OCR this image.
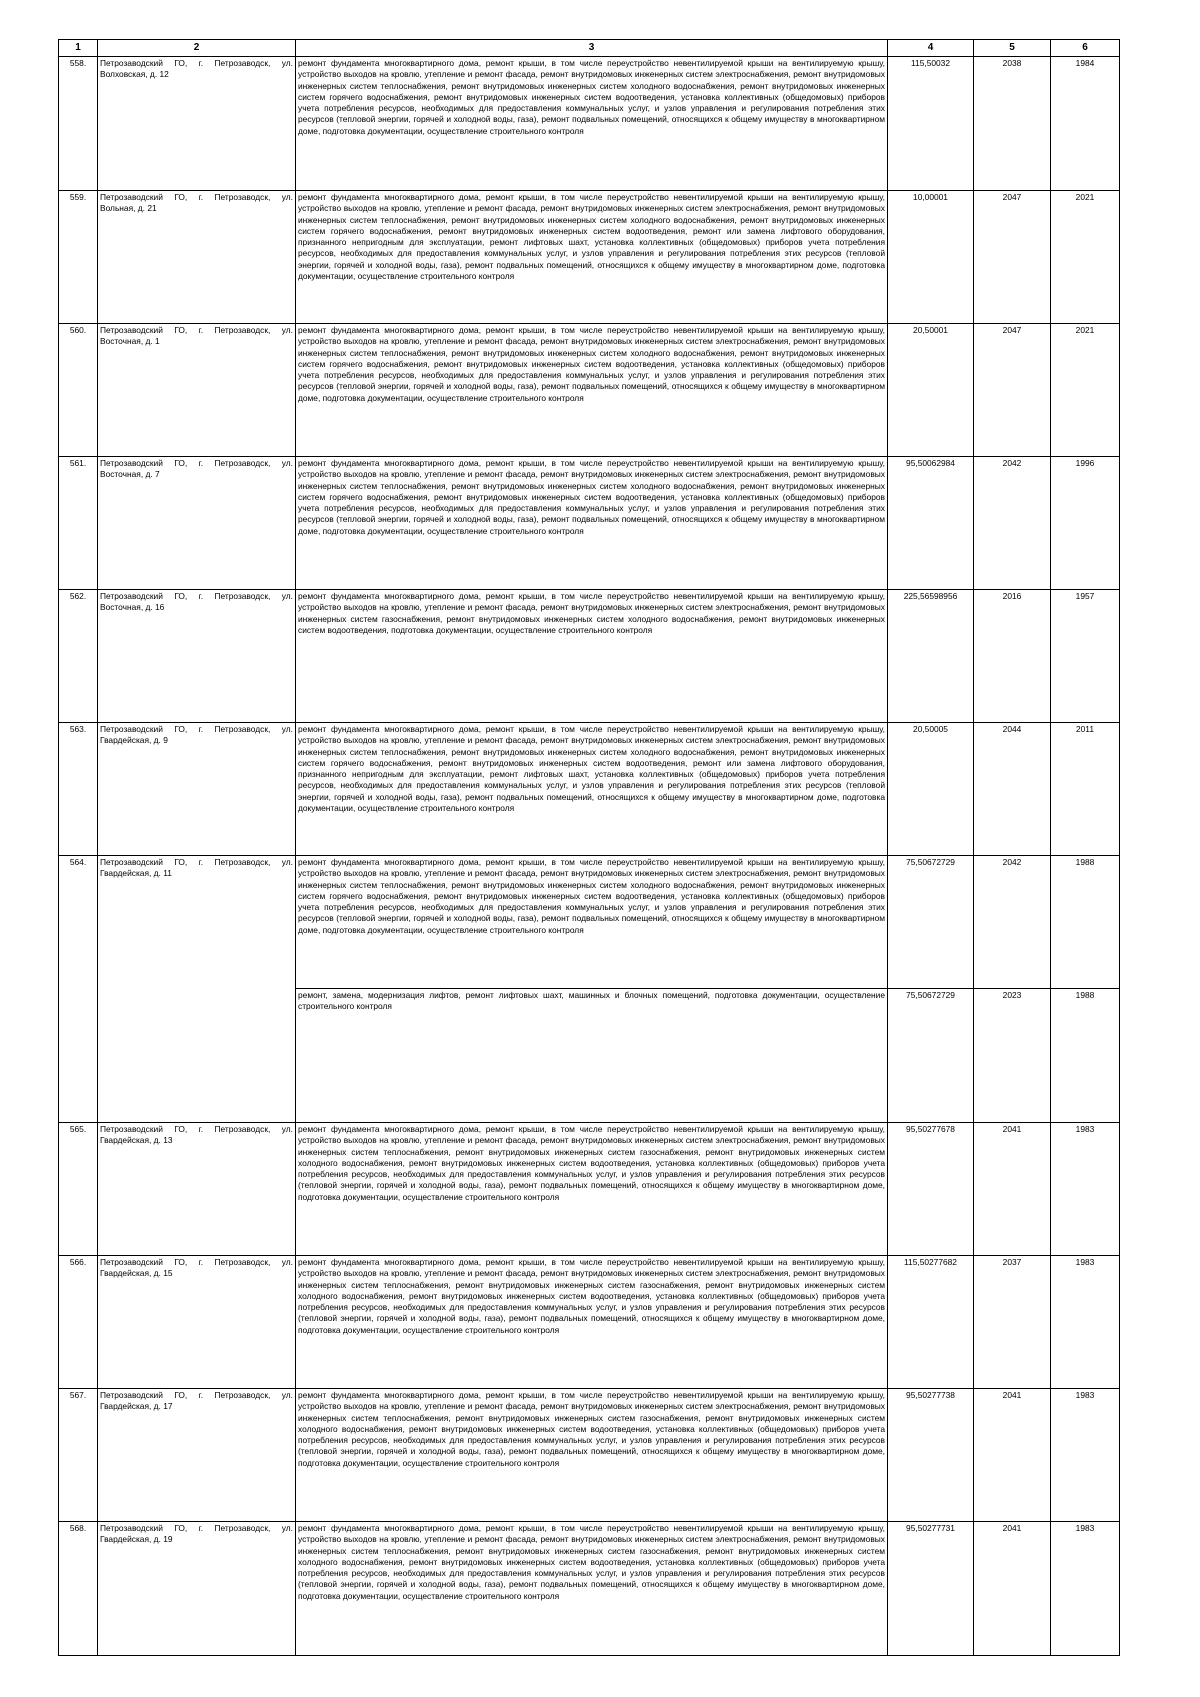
1	2	3	4	5	6
558.	Петрозаводский ГО, г. Петрозаводск, ул. Волховская, д. 12	ремонт фундамента многоквартирного дома, ремонт крыши, в том числе переустройство невентилируемой крыши на вентилируемую крышу, устройство выходов на кровлю, утепление и ремонт фасада, ремонт внутридомовых инженерных систем электроснабжения, ремонт внутридомовых инженерных систем теплоснабжения, ремонт внутридомовых инженерных систем холодного водоснабжения, ремонт внутридомовых инженерных систем горячего водоснабжения, ремонт внутридомовых инженерных систем водоотведения, установка коллективных (общедомовых) приборов учета потребления ресурсов, необходимых для предоставления коммунальных услуг, и узлов управления и регулирования потребления этих ресурсов (тепловой энергии, горячей и холодной воды, газа), ремонт подвальных помещений, относящихся к общему имуществу в многоквартирном доме, подготовка документации, осуществление строительного контроля	115,50032	2038	1984
559.	Петрозаводский ГО, г. Петрозаводск, ул. Вольная, д. 21	ремонт фундамента многоквартирного дома, ремонт крыши, в том числе переустройство невентилируемой крыши на вентилируемую крышу, устройство выходов на кровлю, утепление и ремонт фасада, ремонт внутридомовых инженерных систем электроснабжения, ремонт внутридомовых инженерных систем теплоснабжения, ремонт внутридомовых инженерных систем холодного водоснабжения, ремонт внутридомовых инженерных систем горячего водоснабжения, ремонт внутридомовых инженерных систем водоотведения, ремонт или замена лифтового оборудования, признанного непригодным для эксплуатации, ремонт лифтовых шахт, установка коллективных (общедомовых) приборов учета потребления ресурсов, необходимых для предоставления коммунальных услуг, и узлов управления и регулирования потребления этих ресурсов (тепловой энергии, горячей и холодной воды, газа), ремонт подвальных помещений, относящихся к общему имуществу в многоквартирном доме, подготовка документации, осуществление строительного контроля	10,00001	2047	2021
560.	Петрозаводский ГО, г. Петрозаводск, ул. Восточная, д. 1	ремонт фундамента многоквартирного дома, ремонт крыши, в том числе переустройство невентилируемой крыши на вентилируемую крышу, устройство выходов на кровлю, утепление и ремонт фасада, ремонт внутридомовых инженерных систем электроснабжения, ремонт внутридомовых инженерных систем теплоснабжения, ремонт внутридомовых инженерных систем холодного водоснабжения, ремонт внутридомовых инженерных систем горячего водоснабжения, ремонт внутридомовых инженерных систем водоотведения, установка коллективных (общедомовых) приборов учета потребления ресурсов, необходимых для предоставления коммунальных услуг, и узлов управления и регулирования потребления этих ресурсов (тепловой энергии, горячей и холодной воды, газа), ремонт подвальных помещений, относящихся к общему имуществу в многоквартирном доме, подготовка документации, осуществление строительного контроля	20,50001	2047	2021
561.	Петрозаводский ГО, г. Петрозаводск, ул. Восточная, д. 7	ремонт фундамента многоквартирного дома, ремонт крыши, в том числе переустройство невентилируемой крыши на вентилируемую крышу, устройство выходов на кровлю, утепление и ремонт фасада, ремонт внутридомовых инженерных систем электроснабжения, ремонт внутридомовых инженерных систем теплоснабжения, ремонт внутридомовых инженерных систем холодного водоснабжения, ремонт внутридомовых инженерных систем горячего водоснабжения, ремонт внутридомовых инженерных систем водоотведения, установка коллективных (общедомовых) приборов учета потребления ресурсов, необходимых для предоставления коммунальных услуг, и узлов управления и регулирования потребления этих ресурсов (тепловой энергии, горячей и холодной воды, газа), ремонт подвальных помещений, относящихся к общему имуществу в многоквартирном доме, подготовка документации, осуществление строительного контроля	95,50062984	2042	1996
562.	Петрозаводский ГО, г. Петрозаводск, ул. Восточная, д. 16	ремонт фундамента многоквартирного дома, ремонт крыши, в том числе переустройство невентилируемой крыши на вентилируемую крышу, устройство выходов на кровлю, утепление и ремонт фасада, ремонт внутридомовых инженерных систем электроснабжения, ремонт внутридомовых инженерных систем газоснабжения, ремонт внутридомовых инженерных систем холодного водоснабжения, ремонт внутридомовых инженерных систем водоотведения, подготовка документации, осуществление строительного контроля	225,56598956	2016	1957
563.	Петрозаводский ГО, г. Петрозаводск, ул. Гвардейская, д. 9	ремонт фундамента многоквартирного дома, ремонт крыши, в том числе переустройство невентилируемой крыши на вентилируемую крышу, устройство выходов на кровлю, утепление и ремонт фасада, ремонт внутридомовых инженерных систем электроснабжения, ремонт внутридомовых инженерных систем теплоснабжения, ремонт внутридомовых инженерных систем холодного водоснабжения, ремонт внутридомовых инженерных систем горячего водоснабжения, ремонт внутридомовых инженерных систем водоотведения, ремонт или замена лифтового оборудования, признанного непригодным для эксплуатации, ремонт лифтовых шахт, установка коллективных (общедомовых) приборов учета потребления ресурсов, необходимых для предоставления коммунальных услуг, и узлов управления и регулирования потребления этих ресурсов (тепловой энергии, горячей и холодной воды, газа), ремонт подвальных помещений, относящихся к общему имуществу в многоквартирном доме, подготовка документации, осуществление строительного контроля	20,50005	2044	2011
564.	Петрозаводский ГО, г. Петрозаводск, ул. Гвардейская, д. 11	ремонт фундамента многоквартирного дома, ремонт крыши, в том числе переустройство невентилируемой крыши на вентилируемую крышу, устройство выходов на кровлю, утепление и ремонт фасада, ремонт внутридомовых инженерных систем электроснабжения, ремонт внутридомовых инженерных систем теплоснабжения, ремонт внутридомовых инженерных систем холодного водоснабжения, ремонт внутридомовых инженерных систем горячего водоснабжения, ремонт внутридомовых инженерных систем водоотведения, установка коллективных (общедомовых) приборов учета потребления ресурсов, необходимых для предоставления коммунальных услуг, и узлов управления и регулирования потребления этих ресурсов (тепловой энергии, горячей и холодной воды, газа), ремонт подвальных помещений, относящихся к общему имуществу в многоквартирном доме, подготовка документации, осуществление строительного контроля	75,50672729	2042	1988
		ремонт, замена, модернизация лифтов, ремонт лифтовых шахт, машинных и блочных помещений, подготовка документации, осуществление строительного контроля	75,50672729	2023	1988
565.	Петрозаводский ГО, г. Петрозаводск, ул. Гвардейская, д. 13	ремонт фундамента многоквартирного дома, ремонт крыши, в том числе переустройство невентилируемой крыши на вентилируемую крышу, устройство выходов на кровлю, утепление и ремонт фасада, ремонт внутридомовых инженерных систем электроснабжения, ремонт внутридомовых инженерных систем теплоснабжения, ремонт внутридомовых инженерных систем газоснабжения, ремонт внутридомовых инженерных систем холодного водоснабжения, ремонт внутридомовых инженерных систем водоотведения, установка коллективных (общедомовых) приборов учета потребления ресурсов, необходимых для предоставления коммунальных услуг, и узлов управления и регулирования потребления этих ресурсов (тепловой энергии, горячей и холодной воды, газа), ремонт подвальных помещений, относящихся к общему имуществу в многоквартирном доме, подготовка документации, осуществление строительного контроля	95,50277678	2041	1983
566.	Петрозаводский ГО, г. Петрозаводск, ул. Гвардейская, д. 15	ремонт фундамента многоквартирного дома, ремонт крыши, в том числе переустройство невентилируемой крыши на вентилируемую крышу, устройство выходов на кровлю, утепление и ремонт фасада, ремонт внутридомовых инженерных систем электроснабжения, ремонт внутридомовых инженерных систем теплоснабжения, ремонт внутридомовых инженерных систем газоснабжения, ремонт внутридомовых инженерных систем холодного водоснабжения, ремонт внутридомовых инженерных систем водоотведения, установка коллективных (общедомовых) приборов учета потребления ресурсов, необходимых для предоставления коммунальных услуг, и узлов управления и регулирования потребления этих ресурсов (тепловой энергии, горячей и холодной воды, газа), ремонт подвальных помещений, относящихся к общему имуществу в многоквартирном доме, подготовка документации, осуществление строительного контроля	115,50277682	2037	1983
567.	Петрозаводский ГО, г. Петрозаводск, ул. Гвардейская, д. 17	ремонт фундамента многоквартирного дома, ремонт крыши, в том числе переустройство невентилируемой крыши на вентилируемую крышу, устройство выходов на кровлю, утепление и ремонт фасада, ремонт внутридомовых инженерных систем электроснабжения, ремонт внутридомовых инженерных систем теплоснабжения, ремонт внутридомовых инженерных систем газоснабжения, ремонт внутридомовых инженерных систем холодного водоснабжения, ремонт внутридомовых инженерных систем водоотведения, установка коллективных (общедомовых) приборов учета потребления ресурсов, необходимых для предоставления коммунальных услуг, и узлов управления и регулирования потребления этих ресурсов (тепловой энергии, горячей и холодной воды, газа), ремонт подвальных помещений, относящихся к общему имуществу в многоквартирном доме, подготовка документации, осуществление строительного контроля	95,50277738	2041	1983
568.	Петрозаводский ГО, г. Петрозаводск, ул. Гвардейская, д. 19	ремонт фундамента многоквартирного дома, ремонт крыши, в том числе переустройство невентилируемой крыши на вентилируемую крышу, устройство выходов на кровлю, утепление и ремонт фасада, ремонт внутридомовых инженерных систем электроснабжения, ремонт внутридомовых инженерных систем теплоснабжения, ремонт внутридомовых инженерных систем газоснабжения, ремонт внутридомовых инженерных систем холодного водоснабжения, ремонт внутридомовых инженерных систем водоотведения, установка коллективных (общедомовых) приборов учета потребления ресурсов, необходимых для предоставления коммунальных услуг, и узлов управления и регулирования потребления этих ресурсов (тепловой энергии, горячей и холодной воды, газа), ремонт подвальных помещений, относящихся к общему имуществу в многоквартирном доме, подготовка документации, осуществление строительного контроля	95,50277731	2041	1983
